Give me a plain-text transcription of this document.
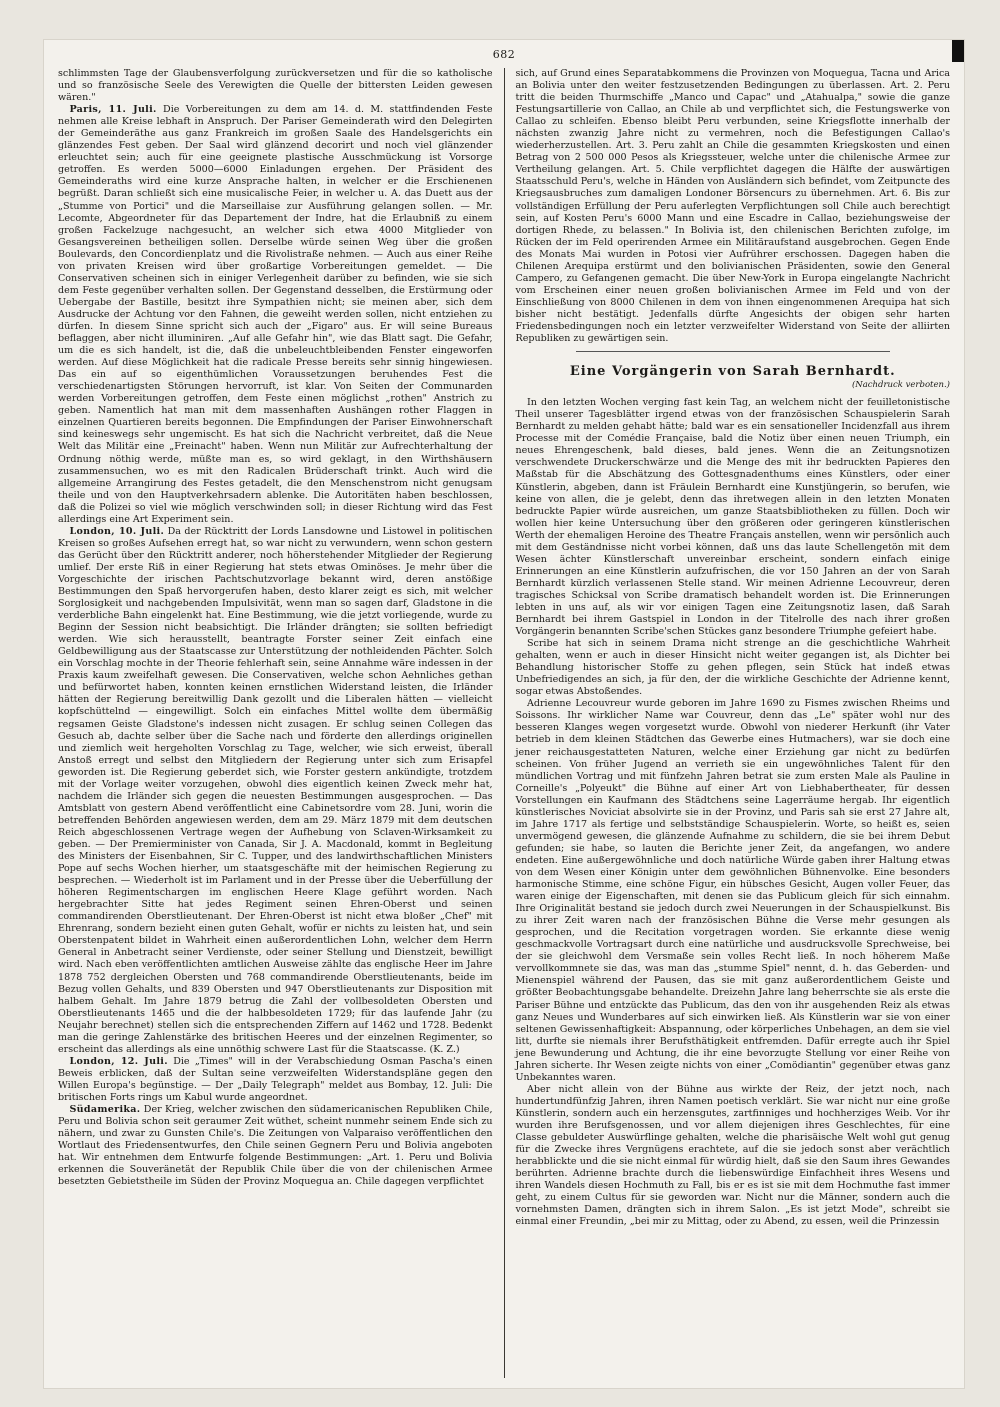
682

schlimmsten Tage der Glaubensverfolgung zurückversetzen und für die so katholische und so französische Seele des Verewigten die Quelle der bittersten Leiden gewesen wären."

Paris, 11. Juli. Die Vorbereitungen zu dem am 14. d. M. stattfindenden Feste nehmen alle Kreise lebhaft in Anspruch. Der Pariser Gemeinderath wird den Delegirten der Gemeinderäthe aus ganz Frankreich im großen Saale des Handelsgerichts ein glänzendes Fest geben. Der Saal wird glänzend decorirt und noch viel glänzender erleuchtet sein; auch für eine geeignete plastische Ausschmückung ist Vorsorge getroffen. Es werden 5000—6000 Einladungen ergehen. Der Präsident des Gemeinderaths wird eine kurze Ansprache halten, in welcher er die Erschienenen begrüßt. Daran schließt sich eine musicalische Feier, in welcher u. A. das Duett aus der „Stumme von Portici" und die Marseillaise zur Ausführung gelangen sollen. — Mr. Lecomte, Abgeordneter für das Departement der Indre, hat die Erlaubniß zu einem großen Fackelzuge nachgesucht, an welcher sich etwa 4000 Mitglieder von Gesangsvereinen betheiligen sollen. Derselbe würde seinen Weg über die großen Boulevards, den Concordienplatz und die Rivolistraße nehmen. — Auch aus einer Reihe von privaten Kreisen wird über großartige Vorbereitungen gemeldet. — Die Conservativen scheinen sich in einiger Verlegenheit darüber zu befinden, wie sie sich dem Feste gegenüber verhalten sollen. Der Gegenstand desselben, die Erstürmung oder Uebergabe der Bastille, besitzt ihre Sympathien nicht; sie meinen aber, sich dem Ausdrucke der Achtung vor den Fahnen, die geweiht werden sollen, nicht entziehen zu dürfen. In diesem Sinne spricht sich auch der „Figaro" aus. Er will seine Bureaus beflaggen, aber nicht illuminiren. „Auf alle Gefahr hin", wie das Blatt sagt. Die Gefahr, um die es sich handelt, ist die, daß die unbeleuchtbleibenden Fenster eingeworfen werden. Auf diese Möglichkeit hat die radicale Presse bereits sehr sinnig hingewiesen. Das ein auf so eigenthümlichen Voraussetzungen beruhendes Fest die verschiedenartigsten Störungen hervorruft, ist klar. Von Seiten der Communarden werden Vorbereitungen getroffen, dem Feste einen möglichst „rothen" Anstrich zu geben. Namentlich hat man mit dem massenhaften Aushängen rother Flaggen in einzelnen Quartieren bereits begonnen. Die Empfindungen der Pariser Einwohnerschaft sind keineswegs sehr ungemischt. Es hat sich die Nachricht verbreitet, daß die Neue Welt das Militär eine „Freinacht" haben. Wenn nun Militär zur Aufrechterhaltung der Ordnung nöthig werde, müßte man es, so wird geklagt, in den Wirthshäusern zusammensuchen, wo es mit den Radicalen Brüderschaft trinkt. Auch wird die allgemeine Arrangirung des Festes getadelt, die den Menschenstrom nicht genugsam theile und von den Hauptverkehrsadern ablenke. Die Autoritäten haben beschlossen, daß die Polizei so viel wie möglich verschwinden soll; in dieser Richtung wird das Fest allerdings eine Art Experiment sein.

London, 10. Juli. Da der Rücktritt der Lords Lansdowne und Listowel in politischen Kreisen so großes Aufsehen erregt hat, so war nicht zu verwundern, wenn schon gestern das Gerücht über den Rücktritt anderer, noch höherstehender Mitglieder der Regierung umlief. Der erste Riß in einer Regierung hat stets etwas Ominöses. Je mehr über die Vorgeschichte der irischen Pachtschutzvorlage bekannt wird, deren anstößige Bestimmungen den Spaß hervorgerufen haben, desto klarer zeigt es sich, mit welcher Sorglosigkeit und nachgebenden Impulsivität, wenn man so sagen darf, Gladstone in die verderbliche Bahn eingelenkt hat. Eine Bestimmung, wie die jetzt vorliegende, wurde zu Beginn der Session nicht beabsichtigt. Die Irländer drängten; sie sollten befriedigt werden. Wie sich herausstellt, beantragte Forster seiner Zeit einfach eine Geldbewilligung aus der Staatscasse zur Unterstützung der nothleidenden Pächter. Solch ein Vorschlag mochte in der Theorie fehlerhaft sein, seine Annahme wäre indessen in der Praxis kaum zweifelhaft gewesen. Die Conservativen, welche schon Aehnliches gethan und befürwortet haben, konnten keinen ernstlichen Widerstand leisten, die Irländer hätten der Regierung bereitwillig Dank gezollt und die Liberalen hätten — vielleicht kopfschüttelnd — eingewilligt. Solch ein einfaches Mittel wollte dem übermäßig regsamen Geiste Gladstone's indessen nicht zusagen. Er schlug seinen Collegen das Gesuch ab, dachte selber über die Sache nach und förderte den allerdings originellen und ziemlich weit hergeholten Vorschlag zu Tage, welcher, wie sich erweist, überall Anstoß erregt und selbst den Mitgliedern der Regierung unter sich zum Erisapfel geworden ist. Die Regierung geberdet sich, wie Forster gestern ankündigte, trotzdem mit der Vorlage weiter vorzugehen, obwohl dies eigentlich keinen Zweck mehr hat, nachdem die Irländer sich gegen die neuesten Bestimmungen ausgesprochen. — Das Amtsblatt von gestern Abend veröffentlicht eine Cabinetsordre vom 28. Juni, worin die betreffenden Behörden angewiesen werden, dem am 29. März 1879 mit dem deutschen Reich abgeschlossenen Vertrage wegen der Aufhebung von Sclaven-Wirksamkeit zu geben. — Der Premierminister von Canada, Sir J. A. Macdonald, kommt in Begleitung des Ministers der Eisenbahnen, Sir C. Tupper, und des landwirthschaftlichen Ministers Pope auf sechs Wochen hierher, um staatsgeschäfte mit der heimischen Regierung zu besprechen. — Wiederholt ist im Parlament und in der Presse über die Ueberfüllung der höheren Regimentschargen im englischen Heere Klage geführt worden. Nach hergebrachter Sitte hat jedes Regiment seinen Ehren-Oberst und seinen commandirenden Oberstlieutenant. Der Ehren-Oberst ist nicht etwa bloßer „Chef" mit Ehrenrang, sondern bezieht einen guten Gehalt, wofür er nichts zu leisten hat, und sein Oberstenpatent bildet in Wahrheit einen außerordentlichen Lohn, welcher dem Herrn General in Anbetracht seiner Verdienste, oder seiner Stellung und Dienstzeit, bewilligt wird. Nach eben veröffentlichten amtlichen Ausweise zählte das englische Heer im Jahre 1878 752 dergleichen Obersten und 768 commandirende Oberstlieutenants, beide im Bezug vollen Gehalts, und 839 Obersten und 947 Oberstlieutenants zur Disposition mit halbem Gehalt. Im Jahre 1879 betrug die Zahl der vollbesoldeten Obersten und Oberstlieutenants 1465 und die der halbbesoldeten 1729; für das laufende Jahr (zu Neujahr berechnet) stellen sich die entsprechenden Ziffern auf 1462 und 1728. Bedenkt man die geringe Zahlenstärke des britischen Heeres und der einzelnen Regimenter, so erscheint das allerdings als eine unnöthig schwere Last für die Staatscasse. (K. Z.)

London, 12. Juli. Die „Times" will in der Verabschiedung Osman Pascha's einen Beweis erblicken, daß der Sultan seine verzweifelten Widerstandspläne gegen den Willen Europa's begünstige. — Der „Daily Telegraph" meldet aus Bombay, 12. Juli: Die britischen Forts rings um Kabul wurde angeordnet.

Südamerika. Der Krieg, welcher zwischen den südamericanischen Republiken Chile, Peru und Bolivia schon seit geraumer Zeit wüthet, scheint nunmehr seinem Ende sich zu nähern, und zwar zu Gunsten Chile's. Die Zeitungen von Valparaiso veröffentlichen den Wortlaut des Friedensentwurfes, den Chile seinen Gegnern Peru und Bolivia angeboten hat. Wir entnehmen dem Entwurfe folgende Bestimmungen: „Art. 1. Peru und Bolivia erkennen die Souveränetät der Republik Chile über die von der chilenischen Armee besetzten Gebietstheile im Süden der Provinz Moquegua an. Chile dagegen verpflichtet

sich, auf Grund eines Separatabkommens die Provinzen von Moquegua, Tacna und Arica an Bolivia unter den weiter festzusetzenden Bedingungen zu überlassen. Art. 2. Peru tritt die beiden Thurmschiffe „Manco und Capac" und „Atahualpa," sowie die ganze Festungsartillerie von Callao, an Chile ab und verpflichtet sich, die Festungswerke von Callao zu schleifen. Ebenso bleibt Peru verbunden, seine Kriegsflotte innerhalb der nächsten zwanzig Jahre nicht zu vermehren, noch die Befestigungen Callao's wiederherzustellen. Art. 3. Peru zahlt an Chile die gesammten Kriegskosten und einen Betrag von 2 500 000 Pesos als Kriegssteuer, welche unter die chilenische Armee zur Vertheilung gelangen. Art. 5. Chile verpflichtet dagegen die Hälfte der auswärtigen Staatsschuld Peru's, welche in Händen von Ausländern sich befindet, vom Zeitpuncte des Kriegsausbruches zum damaligen Londoner Börsencurs zu übernehmen. Art. 6. Bis zur vollständigen Erfüllung der Peru auferlegten Verpflichtungen soll Chile auch berechtigt sein, auf Kosten Peru's 6000 Mann und eine Escadre in Callao, beziehungsweise der dortigen Rhede, zu belassen." In Bolivia ist, den chilenischen Berichten zufolge, im Rücken der im Feld operirenden Armee ein Militäraufstand ausgebrochen. Gegen Ende des Monats Mai wurden in Potosi vier Aufrührer erschossen. Dagegen haben die Chilenen Arequipa erstürmt und den bolivianischen Präsidenten, sowie den General Campero, zu Gefangenen gemacht. Die über New-York in Europa eingelangte Nachricht vom Erscheinen einer neuen großen bolivianischen Armee im Feld und von der Einschließung von 8000 Chilenen in dem von ihnen eingenommenen Arequipa hat sich bisher nicht bestätigt. Jedenfalls dürfte Angesichts der obigen sehr harten Friedensbedingungen noch ein letzter verzweifelter Widerstand von Seite der alliirten Republiken zu gewärtigen sein.

Eine Vorgängerin von Sarah Bernhardt.
(Nachdruck verboten.)

In den letzten Wochen verging fast kein Tag, an welchem nicht der feuilletonistische Theil unserer Tagesblätter irgend etwas von der französischen Schauspielerin Sarah Bernhardt zu melden gehabt hätte; bald war es ein sensationeller Incidenzfall aus ihrem Processe mit der Comédie Française, bald die Notiz über einen neuen Triumph, ein neues Ehrengeschenk, bald dieses, bald jenes. Wenn die an Zeitungsnotizen verschwendete Druckerschwärze und die Menge des mit ihr bedruckten Papieres den Maßstab für die Abschätzung des Gottesgnadenthums eines Künstlers, oder einer Künstlerin, abgeben, dann ist Fräulein Bernhardt eine Kunstjüngerin, so berufen, wie keine von allen, die je gelebt, denn das ihretwegen allein in den letzten Monaten bedruckte Papier würde ausreichen, um ganze Staatsbibliotheken zu füllen. Doch wir wollen hier keine Untersuchung über den größeren oder geringeren künstlerischen Werth der ehemaligen Heroine des Theatre Français anstellen, wenn wir persönlich auch mit dem Geständnisse nicht vorbei können, daß uns das laute Schellengetön mit dem Wesen ächter Künstlerschaft unvereinbar erscheint, sondern einfach einige Erinnerungen an eine Künstlerin aufzufrischen, die vor 150 Jahren an der von Sarah Bernhardt kürzlich verlassenen Stelle stand. Wir meinen Adrienne Lecouvreur, deren tragisches Schicksal von Scribe dramatisch behandelt worden ist. Die Erinnerungen lebten in uns auf, als wir vor einigen Tagen eine Zeitungsnotiz lasen, daß Sarah Bernhardt bei ihrem Gastspiel in London in der Titelrolle des nach ihrer großen Vorgängerin benannten Scribe'schen Stückes ganz besondere Triumphe gefeiert habe.

Scribe hat sich in seinem Drama nicht strenge an die geschichtliche Wahrheit gehalten, wenn er auch in dieser Hinsicht nicht weiter gegangen ist, als Dichter bei Behandlung historischer Stoffe zu gehen pflegen, sein Stück hat indeß etwas Unbefriedigendes an sich, ja für den, der die wirkliche Geschichte der Adrienne kennt, sogar etwas Abstoßendes.

Adrienne Lecouvreur wurde geboren im Jahre 1690 zu Fismes zwischen Rheims und Soissons. Ihr wirklicher Name war Couvreur, denn das „Le" später wohl nur des besseren Klanges wegen vorgesetzt wurde. Obwohl von niederer Herkunft (ihr Vater betrieb in dem kleinen Städtchen das Gewerbe eines Hutmachers), war sie doch eine jener reichausgestatteten Naturen, welche einer Erziehung gar nicht zu bedürfen scheinen. Von früher Jugend an verrieth sie ein ungewöhnliches Talent für den mündlichen Vortrag und mit fünfzehn Jahren betrat sie zum ersten Male als Pauline in Corneille's „Polyeukt" die Bühne auf einer Art von Liebhabertheater, für dessen Vorstellungen ein Kaufmann des Städtchens seine Lagerräume hergab. Ihr eigentlich künstlerisches Noviciat absolvirte sie in der Provinz, und Paris sah sie erst 27 Jahre alt, im Jahre 1717 als fertige und selbstständige Schauspielerin. Worte, so heißt es, seien unvermögend gewesen, die glänzende Aufnahme zu schildern, die sie bei ihrem Debut gefunden; sie habe, so lauten die Berichte jener Zeit, da angefangen, wo andere endeten. Eine außergewöhnliche und doch natürliche Würde gaben ihrer Haltung etwas von dem Wesen einer Königin unter dem gewöhnlichen Bühnenvolke. Eine besonders harmonische Stimme, eine schöne Figur, ein hübsches Gesicht, Augen voller Feuer, das waren einige der Eigenschaften, mit denen sie das Publicum gleich für sich einnahm. Ihre Originalität bestand sie jedoch durch zwei Neuerungen in der Schauspielkunst. Bis zu ihrer Zeit waren nach der französischen Bühne die Verse mehr gesungen als gesprochen, und die Recitation vorgetragen worden. Sie erkannte diese wenig geschmackvolle Vortragsart durch eine natürliche und ausdrucksvolle Sprechweise, bei der sie gleichwohl dem Versmaße sein volles Recht ließ. In noch höherem Maße vervollkommnete sie das, was man das „stumme Spiel" nennt, d. h. das Geberden- und Mienenspiel während der Pausen, das sie mit ganz außerordentlichem Geiste und größter Beobachtungsgabe behandelte. Dreizehn Jahre lang beherrschte sie als erste die Pariser Bühne und entzückte das Publicum, das den von ihr ausgehenden Reiz als etwas ganz Neues und Wunderbares auf sich einwirken ließ. Als Künstlerin war sie von einer seltenen Gewissenhaftigkeit: Abspannung, oder körperliches Unbehagen, an dem sie viel litt, durfte sie niemals ihrer Berufsthätigkeit entfremden. Dafür erregte auch ihr Spiel jene Bewunderung und Achtung, die ihr eine bevorzugte Stellung vor einer Reihe von Jahren sicherte. Ihr Wesen zeigte nichts von einer „Comödiantin" gegenüber etwas ganz Unbekanntes waren.

Aber nicht allein von der Bühne aus wirkte der Reiz, der jetzt noch, nach hundertundfünfzig Jahren, ihren Namen poetisch verklärt. Sie war nicht nur eine große Künstlerin, sondern auch ein herzensgutes, zartfinniges und hochherziges Weib. Vor ihr wurden ihre Berufsgenossen, und vor allem diejenigen ihres Geschlechtes, für eine Classe gebuldeter Auswürflinge gehalten, welche die pharisäische Welt wohl gut genug für die Zwecke ihres Vergnügens erachtete, auf die sie jedoch sonst aber verächtlich herabblickte und die sie nicht einmal für würdig hielt, daß sie den Saum ihres Gewandes berührten. Adrienne brachte durch die liebenswürdige Einfachheit ihres Wesens und ihren Wandels diesen Hochmuth zu Fall, bis er es ist sie mit dem Hochmuthe fast immer geht, zu einem Cultus für sie geworden war. Nicht nur die Männer, sondern auch die vornehmsten Damen, drängten sich in ihrem Salon. „Es ist jetzt Mode", schreibt sie einmal einer Freundin, „bei mir zu Mittag, oder zu Abend, zu essen, weil die Prinzessin
